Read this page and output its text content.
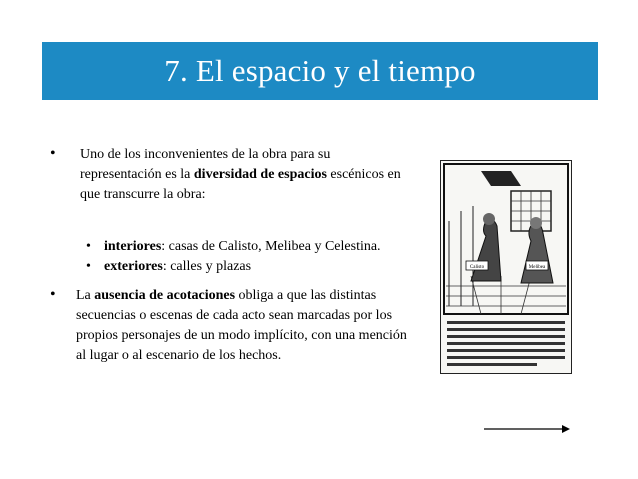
7. El espacio y el tiempo
• Uno de los inconvenientes de la obra para su representación es la diversidad de espacios escénicos en que transcurre la obra:
• interiores: casas de Calisto, Melibea y Celestina.
• exteriores: calles y plazas
• La ausencia de acotaciones obliga a que las distintas secuencias o escenas de cada acto sean marcadas por los propios personajes de un modo implícito, con una mención al lugar o al escenario de los hechos.
Calisto	Melibea
